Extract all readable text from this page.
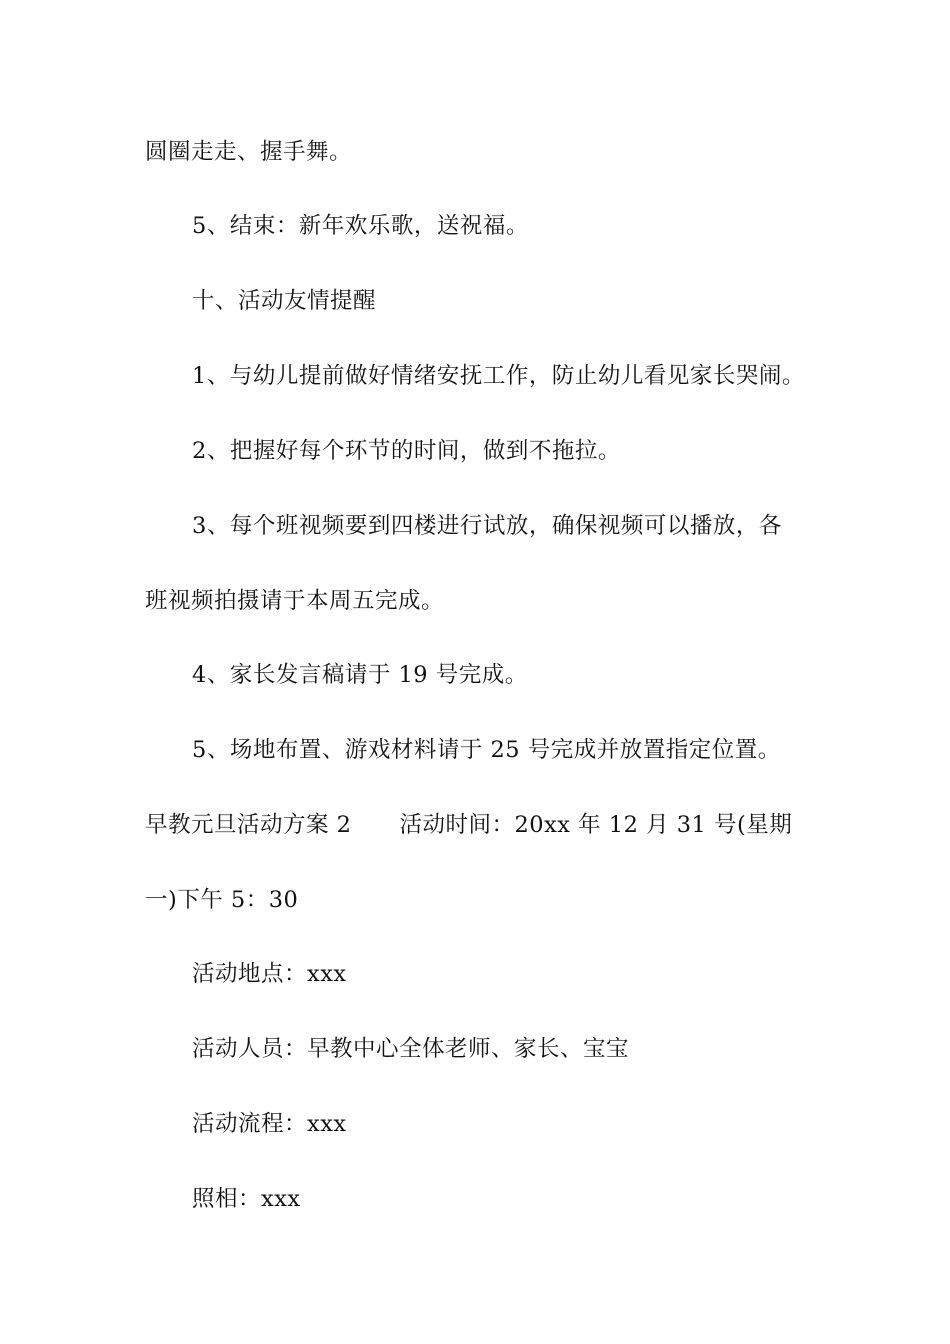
圆圈走走、握手舞。
5、结束：新年欢乐歌，送祝福。
十、活动友情提醒
1、与幼儿提前做好情绪安抚工作，防止幼儿看见家长哭闹。
2、把握好每个环节的时间，做到不拖拉。
3、每个班视频要到四楼进行试放，确保视频可以播放，各
班视频拍摄请于本周五完成。
4、家长发言稿请于 19 号完成。
5、场地布置、游戏材料请于 25 号完成并放置指定位置。
早教元旦活动方案 2 活动时间：20xx 年 12 月 31 号(星期
一)下午 5：30
活动地点：xxx
活动人员：早教中心全体老师、家长、宝宝
活动流程：xxx
照相：xxx
